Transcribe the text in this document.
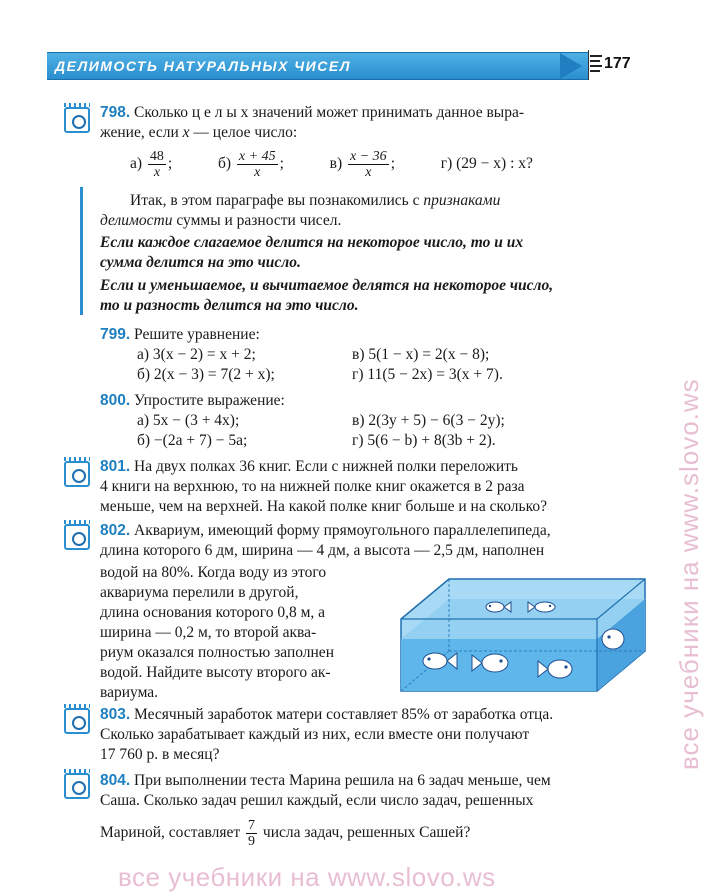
ДЕЛИМОСТЬ НАТУРАЛЬНЫХ ЧИСЕЛ	177
798. Сколько ц е л ы х значений может принимать данное выра-
жение, если x — целое число:
$а) \frac{48}{x}$ ;	$б) \frac{x + 45}{x}$ ;	$в) \frac{x - 36}{x}$ ;	г) (29 − x) : x?
Итак, в этом параграфе вы познакомились с признаками
делимости суммы и разности чисел.
Если каждое слагаемое делится на некоторое число, то и их
сумма делится на это число.
Если и уменьшаемое, и вычитаемое делятся на некоторое число,
то и разность делится на это число.
799. Решите уравнение:
а) 3(x − 2) = x + 2;	в) 5(1 − x) = 2(x − 8);
б) 2(x − 3) = 7(2 + x);	г) 11(5 − 2x) = 3(x + 7).
800. Упростите выражение:
а) 5x − (3 + 4x);	в) 2(3y + 5) − 6(3 − 2y);
б) −(2a + 7) − 5a;	г) 5(6 − b) + 8(3b + 2).
801. На двух полках 36 книг. Если с нижней полки переложить
4 книги на верхнюю, то на нижней полке книг окажется в 2 раза
меньше, чем на верхней. На какой полке книг больше и на сколько?
802. Аквариум, имеющий форму прямоугольного параллелепипеда,
длина которого 6 дм, ширина — 4 дм, а высота — 2,5 дм, наполнен
водой на 80%. Когда воду из этого
аквариума перелили в другой,
длина основания которого 0,8 м, а
ширина — 0,2 м, то второй аква-
риум оказался полностью заполнен
водой. Найдите высоту второго ак-
вариума.
803. Месячный заработок матери составляет 85% от заработка отца.
Сколько зарабатывает каждый из них, если вместе они получают
17 760 р. в месяц?
804. При выполнении теста Марина решила на 6 задач меньше, чем
Саша. Сколько задач решил каждый, если число задач, решенных
Мариной, составляет $\frac{7}{9}$ числа задач, решенных Сашей?
все учебники на www.slovo.ws
все учебники на www.slovo.ws
